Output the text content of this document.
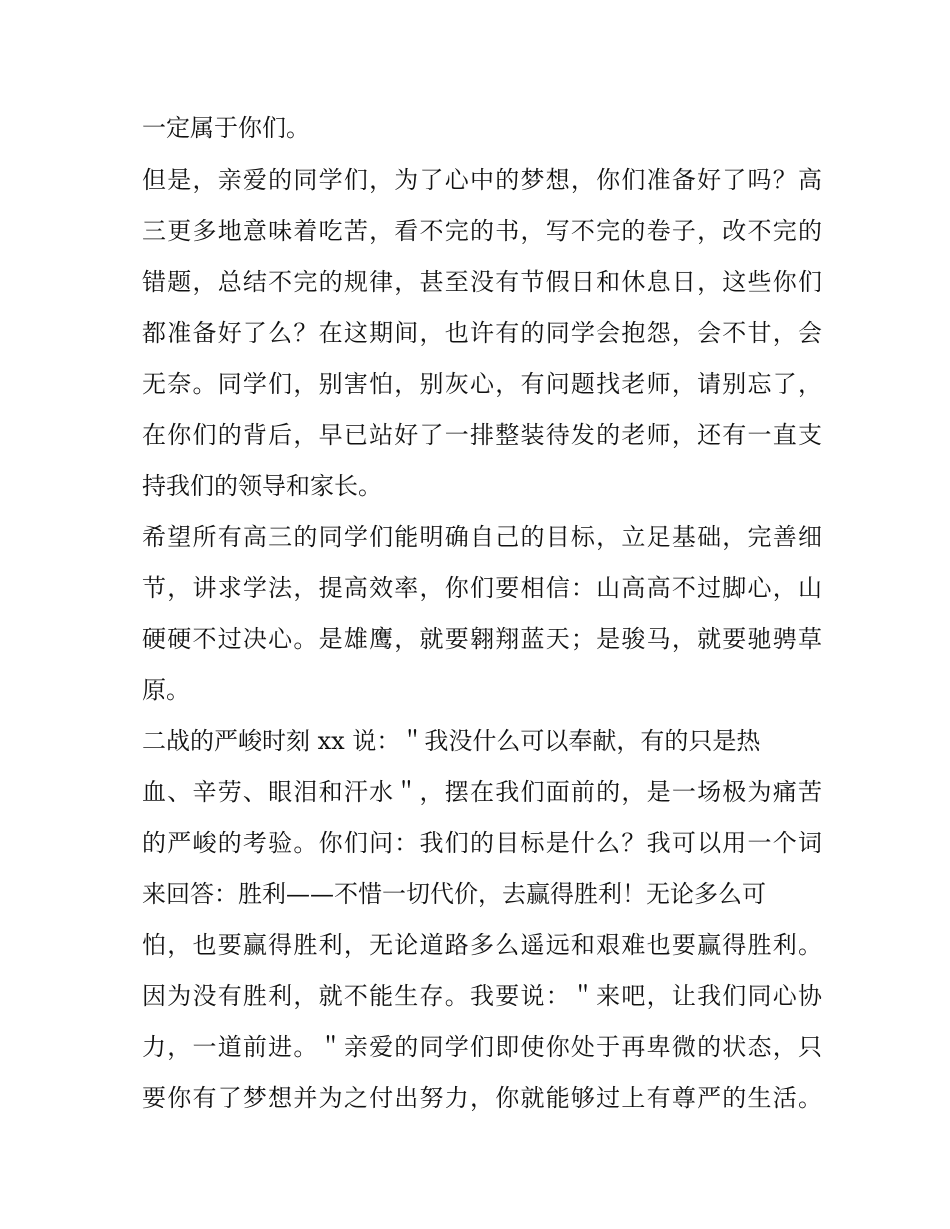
一定属于你们。
但是，亲爱的同学们，为了心中的梦想，你们准备好了吗？高
三更多地意味着吃苦，看不完的书，写不完的卷子，改不完的
错题，总结不完的规律，甚至没有节假日和休息日，这些你们
都准备好了么？在这期间，也许有的同学会抱怨，会不甘，会
无奈。同学们，别害怕，别灰心，有问题找老师，请别忘了，
在你们的背后，早已站好了一排整装待发的老师，还有一直支
持我们的领导和家长。
希望所有高三的同学们能明确自己的目标，立足基础，完善细
节，讲求学法，提高效率，你们要相信：山高高不过脚心，山
硬硬不过决心。是雄鹰，就要翱翔蓝天；是骏马，就要驰骋草
原。
二战的严峻时刻 xx 说：＂我没什么可以奉献，有的只是热
血、辛劳、眼泪和汗水＂，摆在我们面前的，是一场极为痛苦
的严峻的考验。你们问：我们的目标是什么？我可以用一个词
来回答：胜利——不惜一切代价，去赢得胜利！无论多么可
怕，也要赢得胜利，无论道路多么遥远和艰难也要赢得胜利。
因为没有胜利，就不能生存。我要说：＂来吧，让我们同心协
力，一道前进。＂亲爱的同学们即使你处于再卑微的状态，只
要你有了梦想并为之付出努力，你就能够过上有尊严的生活。
